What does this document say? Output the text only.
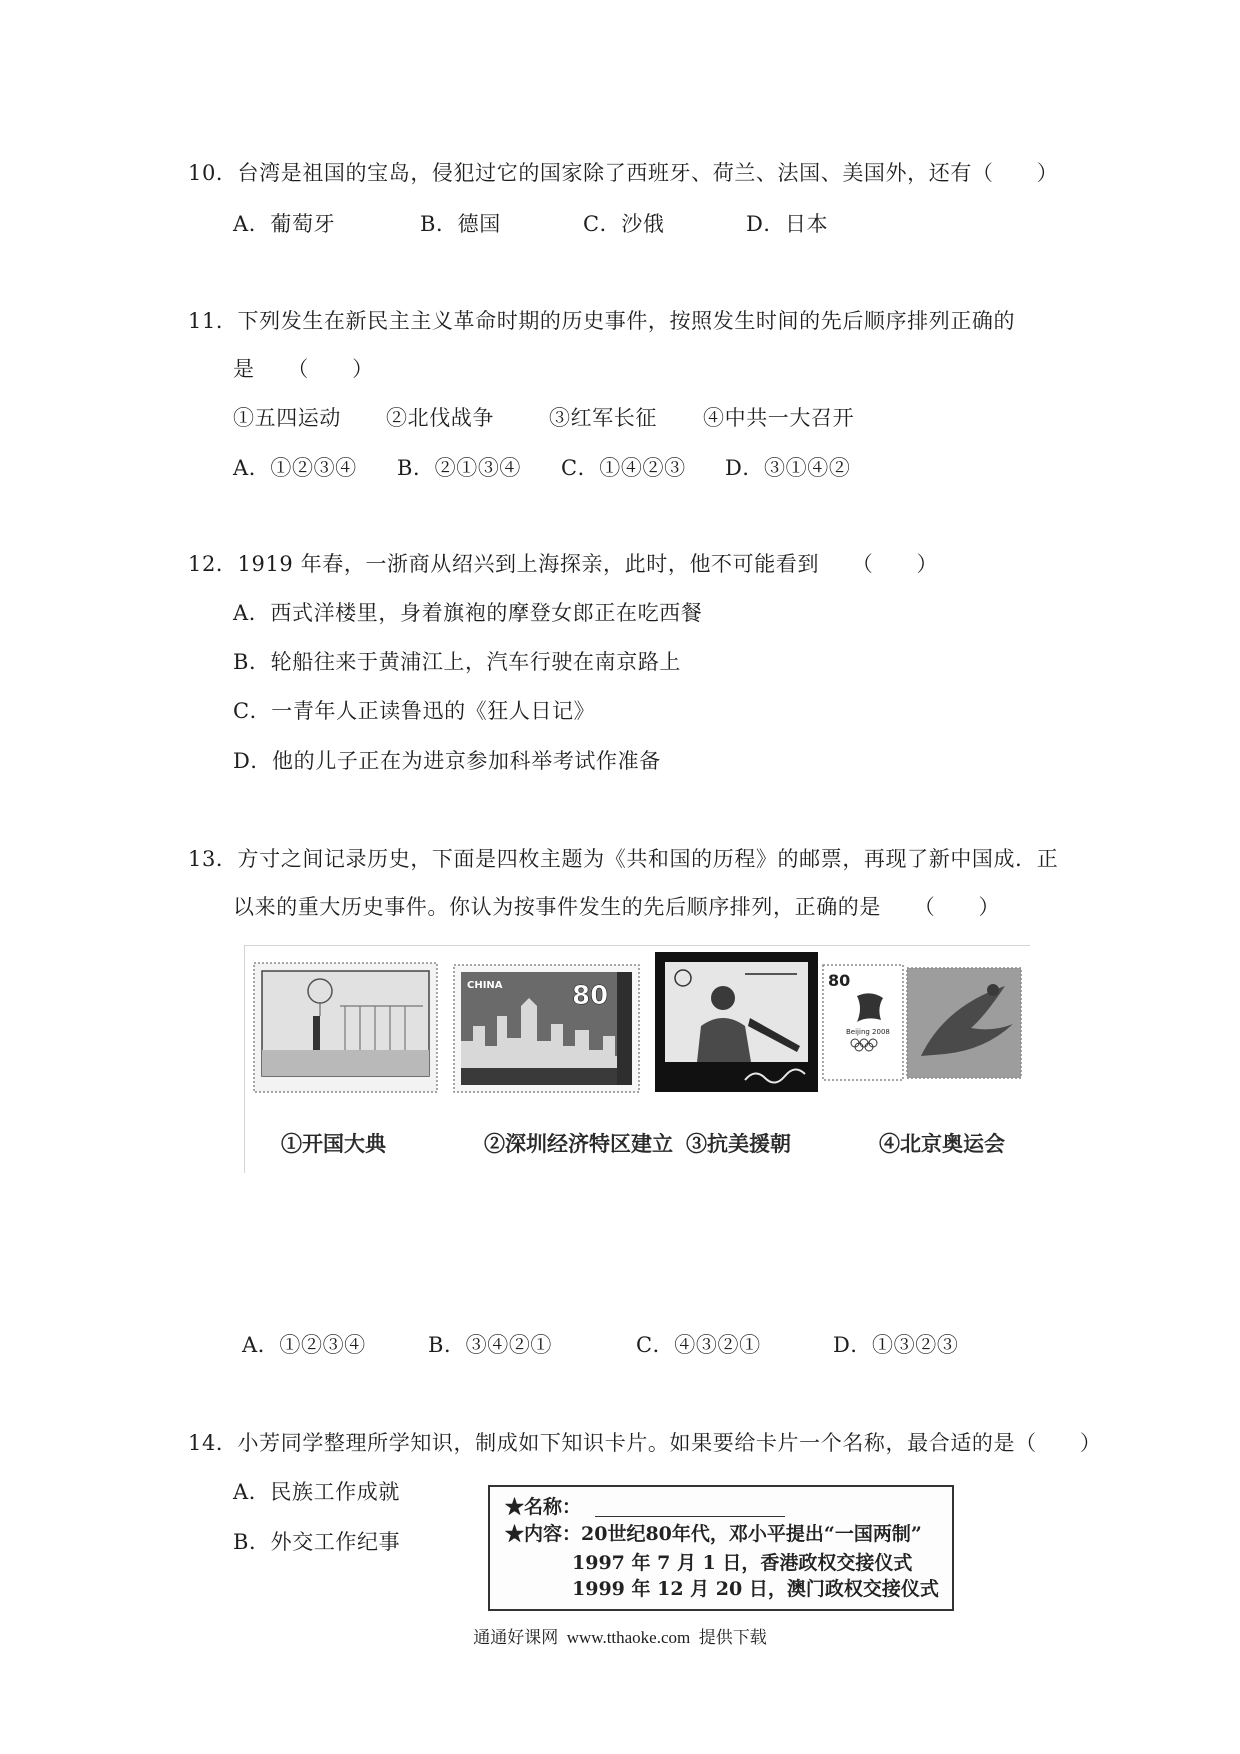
10．台湾是祖国的宝岛，侵犯过它的国家除了西班牙、荷兰、法国、美国外，还有（　　）
A．葡萄牙	B．德国	C．沙俄	D．日本
11．下列发生在新民主主义革命时期的历史事件，按照发生时间的先后顺序排列正确的
是　　（　　）
①五四运动 ②北伐战争	③红军长征 ④中共一大召开
A．①②③④ B．②①③④ C．①④②③ D．③①④②
12．1919 年春，一浙商从绍兴到上海探亲，此时，他不可能看到　　（　　）
A．西式洋楼里，身着旗袍的摩登女郎正在吃西餐
B．轮船往来于黄浦江上，汽车行驶在南京路上
C．一青年人正读鲁迅的《狂人日记》
D．他的儿子正在为进京参加科举考试作准备
13．方寸之间记录历史，下面是四枚主题为《共和国的历程》的邮票，再现了新中国成．正
以来的重大历史事件。你认为按事件发生的先后顺序排列，正确的是　　（　　）
CHINA	80
80
Beijing 2008
①开国大典	②深圳经济特区建立 ③抗美援朝	④北京奥运会
A．①②③④	B．③④②①	C．④③②①	D．①③②③
14．小芳同学整理所学知识，制成如下知识卡片。如果要给卡片一个名称，最合适的是（　　）
A．民族工作成就
B．外交工作纪事
★名称：
★内容：20世纪80年代，邓小平提出“一国两制”
1997 年 7 月 1 日，香港政权交接仪式
1999 年 12 月 20 日，澳门政权交接仪式
通通好课网  www.tthaoke.com  提供下载
